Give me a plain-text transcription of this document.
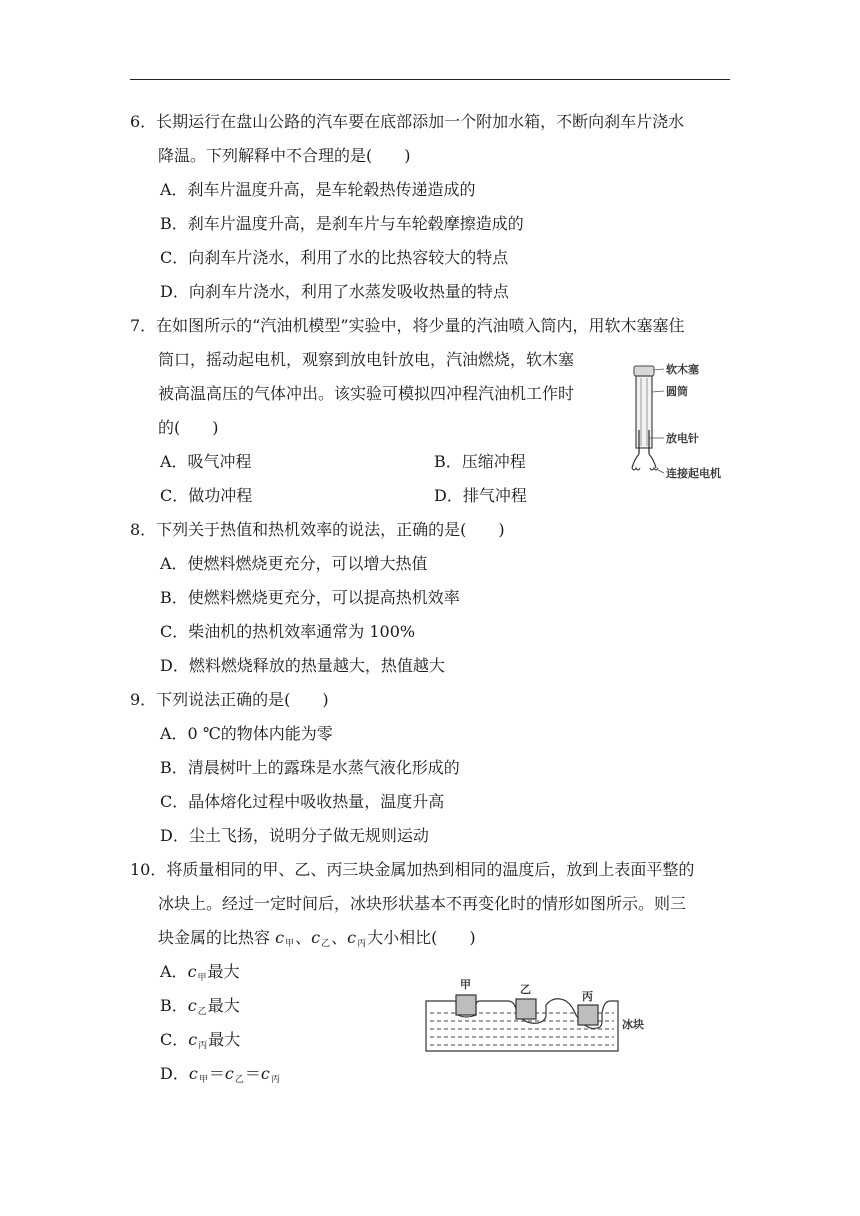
6．长期运行在盘山公路的汽车要在底部添加一个附加水箱，不断向刹车片浇水
降温。下列解释中不合理的是(　　)
A．刹车片温度升高，是车轮毂热传递造成的
B．刹车片温度升高，是刹车片与车轮毂摩擦造成的
C．向刹车片浇水，利用了水的比热容较大的特点
D．向刹车片浇水，利用了水蒸发吸收热量的特点
7．在如图所示的“汽油机模型”实验中，将少量的汽油喷入筒内，用软木塞塞住
筒口，摇动起电机，观察到放电针放电，汽油燃烧，软木塞
被高温高压的气体冲出。该实验可模拟四冲程汽油机工作时
的(　　)
A．吸气冲程	B．压缩冲程
C．做功冲程	D．排气冲程
软木塞
圆筒
放电针
连接起电机
8．下列关于热值和热机效率的说法，正确的是(　　)
A．使燃料燃烧更充分，可以增大热值
B．使燃料燃烧更充分，可以提高热机效率
C．柴油机的热机效率通常为 100%
D．燃料燃烧释放的热量越大，热值越大
9．下列说法正确的是(　　)
A．0 ℃的物体内能为零
B．清晨树叶上的露珠是水蒸气液化形成的
C．晶体熔化过程中吸收热量，温度升高
D．尘土飞扬，说明分子做无规则运动
10．将质量相同的甲、乙、丙三块金属加热到相同的温度后，放到上表面平整的
冰块上。经过一定时间后，冰块形状基本不再变化时的情形如图所示。则三
块金属的比热容 $c_甲$、$c_乙$、$c_丙$大小相比(　　)
A．$c_甲$最大
B．$c_乙$最大
C．$c_丙$最大
D．$c_甲=c_乙=c_丙$
甲	乙
丙
冰块
